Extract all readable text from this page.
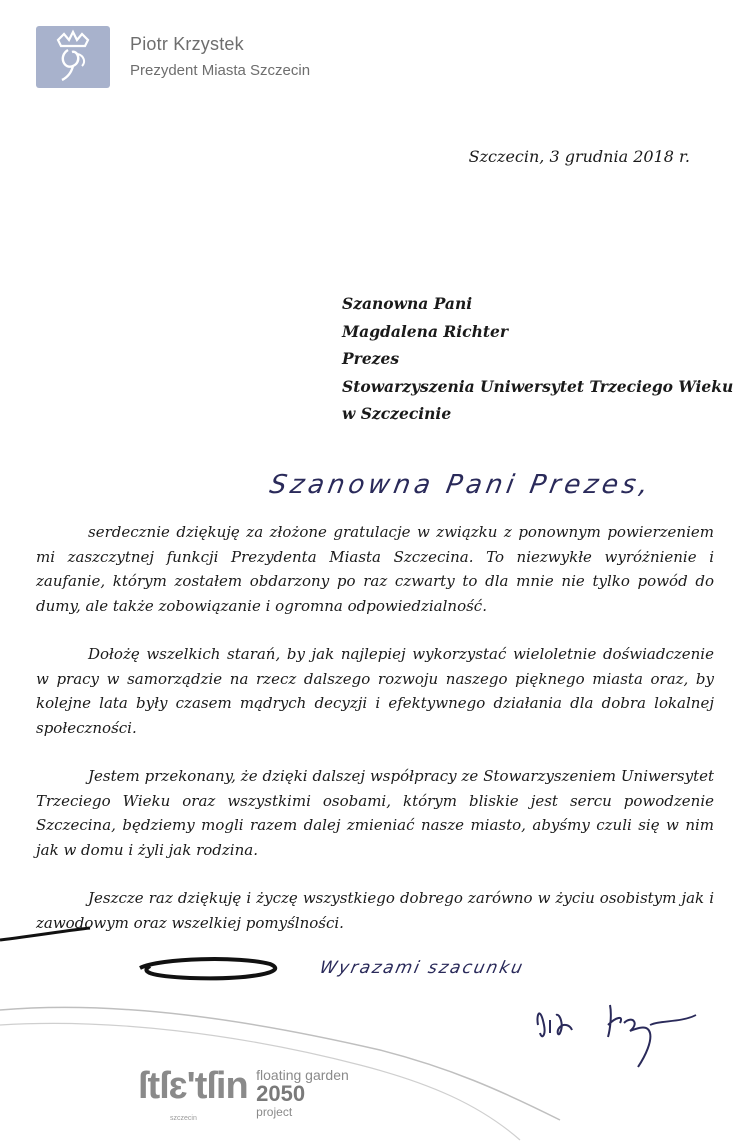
Piotr Krzystek
Prezydent Miasta Szczecin
Szczecin, 3 grudnia 2018 r.
Szanowna Pani
Magdalena Richter
Prezes
Stowarzyszenia Uniwersytet Trzeciego Wieku
w Szczecinie
Szanowna Pani Prezes,

serdecznie dziękuję za złożone gratulacje w związku z ponownym powierzeniem mi zaszczytnej funkcji Prezydenta Miasta Szczecina. To niezwykłe wyróżnienie i zaufanie, którym zostałem obdarzony po raz czwarty to dla mnie nie tylko powód do dumy, ale także zobowiązanie i ogromna odpowiedzialność.

Dołożę wszelkich starań, by jak najlepiej wykorzystać wieloletnie doświadczenie w pracy w samorządzie na rzecz dalszego rozwoju naszego pięknego miasta oraz, by kolejne lata były czasem mądrych decyzji i efektywnego działania dla dobra lokalnej społeczności.

Jestem przekonany, że dzięki dalszej współpracy ze Stowarzyszeniem Uniwersytet Trzeciego Wieku oraz wszystkimi osobami, którym bliskie jest sercu powodzenie Szczecina, będziemy mogli razem dalej zmieniać nasze miasto, abyśmy czuli się w nim jak w domu i żyli jak rodzina.

Jeszcze raz dziękuję i życzę wszystkiego dobrego zarówno w życiu osobistym jak i zawodowym oraz wszelkiej pomyślności.

Wyrazami szacunku
ſtſɛ'tſin floating garden
2050
project
szczecin
